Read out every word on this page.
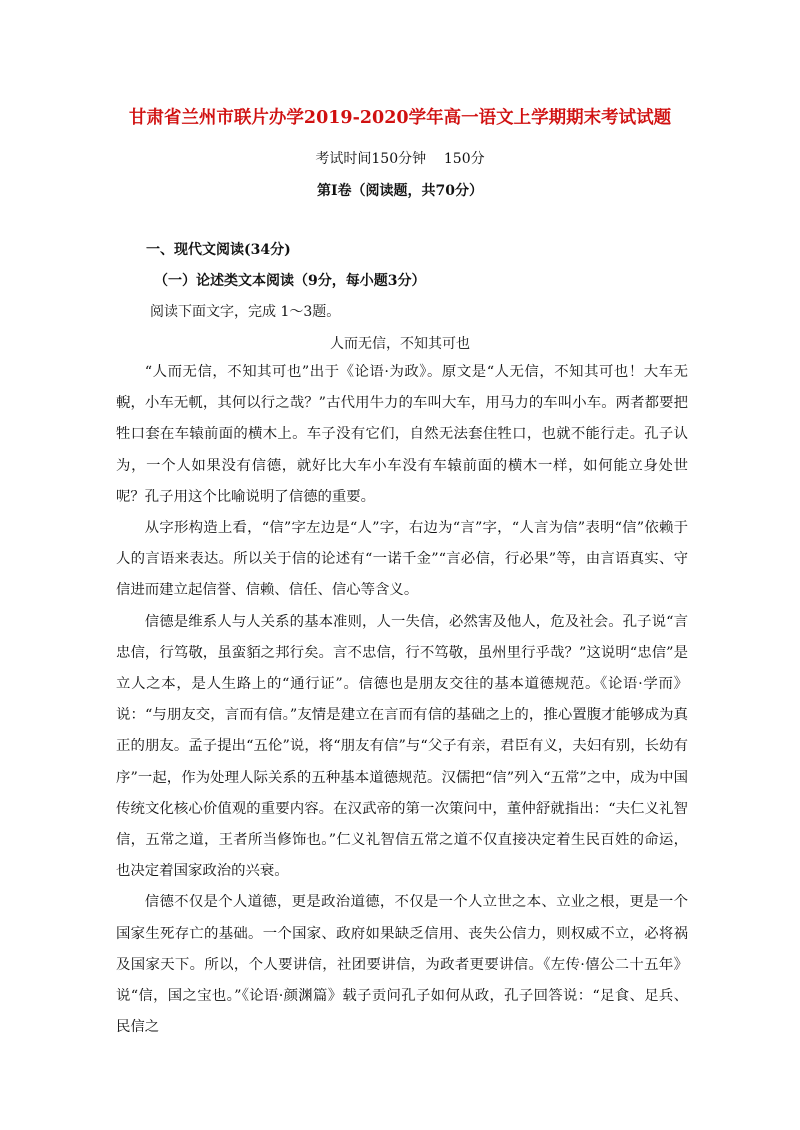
甘肃省兰州市联片办学2019-2020学年高一语文上学期期末考试试题
考试时间150分钟    150分
第Ⅰ卷（阅读题，共70分）
一、现代文阅读(34分)
（一）论述类文本阅读（9分，每小题3分）
阅读下面文字，完成 1～3题。
人而无信，不知其可也

“人而无信，不知其可也”出于《论语·为政》。原文是“人无信，不知其可也！大车无輗，小车无軏，其何以行之哉？”古代用牛力的车叫大车，用马力的车叫小车。两者都要把牲口套在车辕前面的横木上。车子没有它们，自然无法套住牲口，也就不能行走。孔子认为，一个人如果没有信德，就好比大车小车没有车辕前面的横木一样，如何能立身处世呢？孔子用这个比喻说明了信德的重要。

从字形构造上看，“信”字左边是“人”字，右边为“言”字，“人言为信”表明“信”依赖于人的言语来表达。所以关于信的论述有“一诺千金”“言必信，行必果”等，由言语真实、守信进而建立起信誉、信赖、信任、信心等含义。

信德是维系人与人关系的基本准则，人一失信，必然害及他人，危及社会。孔子说“言忠信，行笃敬，虽蛮貊之邦行矣。言不忠信，行不笃敬，虽州里行乎哉？”这说明“忠信”是立人之本，是人生路上的“通行证”。信德也是朋友交往的基本道德规范。《论语·学而》说：“与朋友交，言而有信。”友情是建立在言而有信的基础之上的，推心置腹才能够成为真正的朋友。孟子提出“五伦”说，将“朋友有信”与“父子有亲，君臣有义，夫妇有别，长幼有序”一起，作为处理人际关系的五种基本道德规范。汉儒把“信”列入“五常”之中，成为中国传统文化核心价值观的重要内容。在汉武帝的第一次策问中，董仲舒就指出：“夫仁义礼智信，五常之道，王者所当修饰也。”仁义礼智信五常之道不仅直接决定着生民百姓的命运，也决定着国家政治的兴衰。

信德不仅是个人道德，更是政治道德，不仅是一个人立世之本、立业之根，更是一个国家生死存亡的基础。一个国家、政府如果缺乏信用、丧失公信力，则权威不立，必将祸及国家天下。所以，个人要讲信，社团要讲信，为政者更要讲信。《左传·僖公二十五年》说“信，国之宝也。”《论语·颜渊篇》载子贡问孔子如何从政，孔子回答说：“足食、足兵、民信之
